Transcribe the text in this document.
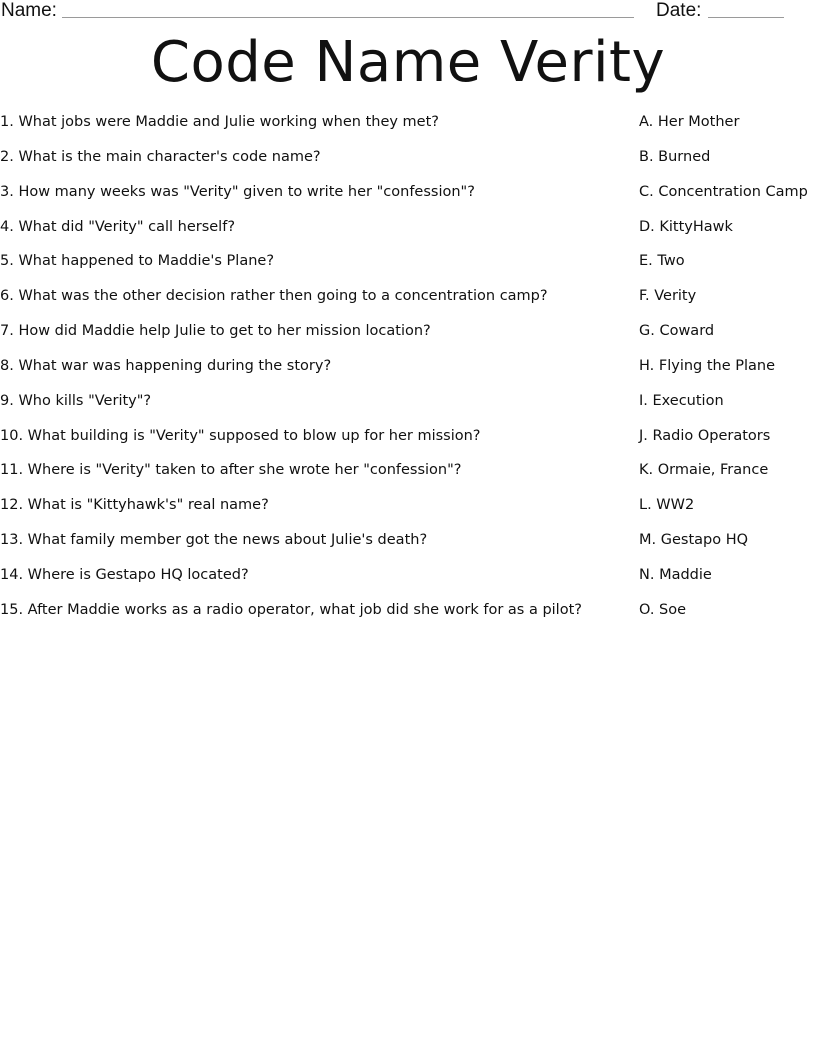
Name:	Date:
Code Name Verity
1. What jobs were Maddie and Julie working when they met?	A. Her Mother
2. What is the main character's code name?	B. Burned
3. How many weeks was "Verity" given to write her "confession"?	C. Concentration Camp
4. What did "Verity" call herself?	D. KittyHawk
5. What happened to Maddie's Plane?	E. Two
6. What was the other decision rather then going to a concentration camp?	F. Verity
7. How did Maddie help Julie to get to her mission location?	G. Coward
8. What war was happening during the story?	H. Flying the Plane
9. Who kills "Verity"?	I. Execution
10. What building is "Verity" supposed to blow up for her mission?	J. Radio Operators
11. Where is "Verity" taken to after she wrote her "confession"?	K. Ormaie, France
12. What is "Kittyhawk's" real name?	L. WW2
13. What family member got the news about Julie's death?	M. Gestapo HQ
14. Where is Gestapo HQ located?	N. Maddie
15. After Maddie works as a radio operator, what job did she work for as a pilot?	O. Soe
